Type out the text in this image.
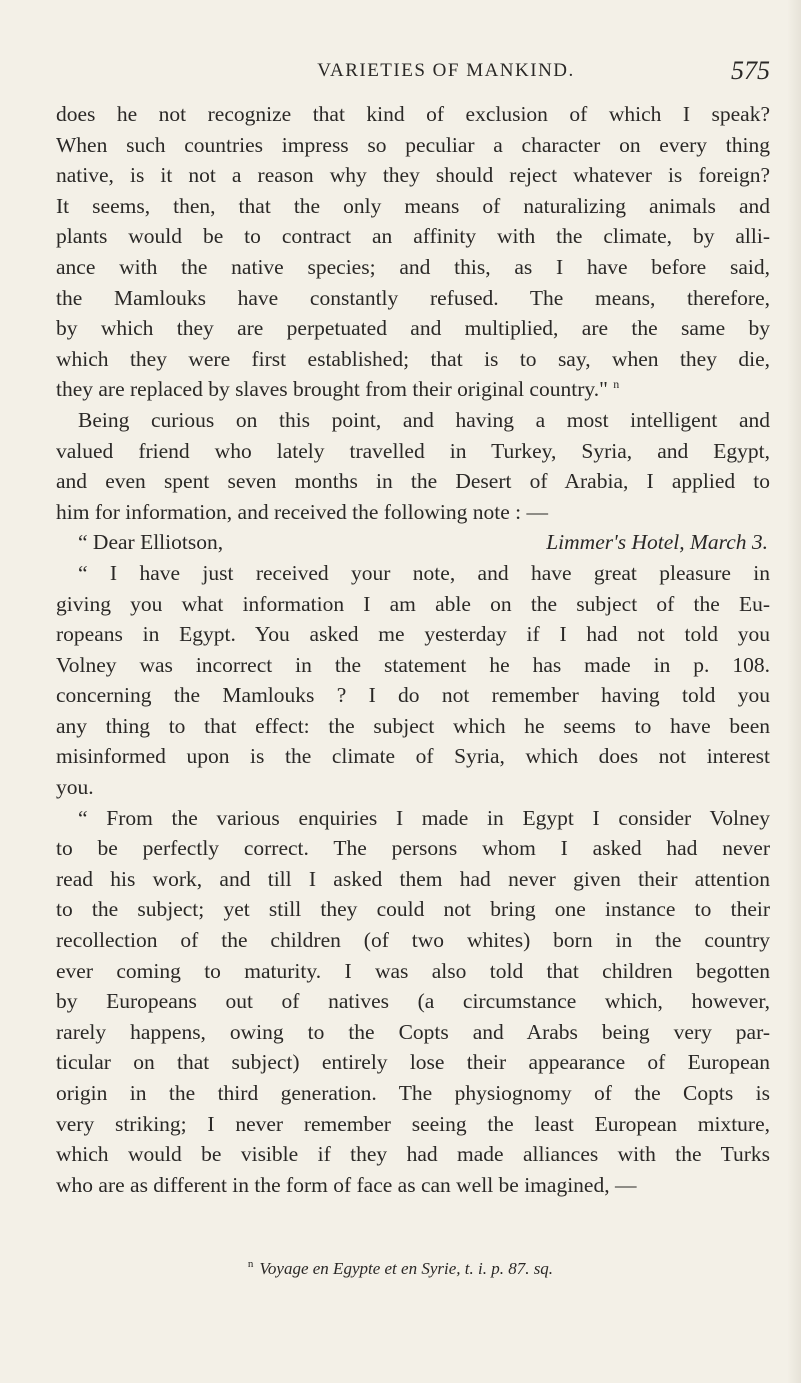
VARIETIES OF MANKIND.	575
does he not recognize that kind of exclusion of which I speak?
When such countries impress so peculiar a character on every thing
native, is it not a reason why they should reject whatever is foreign?
It seems, then, that the only means of naturalizing animals and
plants would be to contract an affinity with the climate, by alli-
ance with the native species; and this, as I have before said,
the Mamlouks have constantly refused. The means, therefore,
by which they are perpetuated and multiplied, are the same by
which they were first established; that is to say, when they die,
they are replaced by slaves brought from their original country." $^n$
Being curious on this point, and having a most intelligent and
valued friend who lately travelled in Turkey, Syria, and Egypt,
and even spent seven months in the Desert of Arabia, I applied to
him for information, and received the following note : —
“ Dear Elliotson,	Limmer's Hotel, March 3.
“ I have just received your note, and have great pleasure in
giving you what information I am able on the subject of the Eu-
ropeans in Egypt. You asked me yesterday if I had not told you
Volney was incorrect in the statement he has made in p. 108.
concerning the Mamlouks ? I do not remember having told you
any thing to that effect: the subject which he seems to have been
misinformed upon is the climate of Syria, which does not interest
you.
“ From the various enquiries I made in Egypt I consider Volney
to be perfectly correct. The persons whom I asked had never
read his work, and till I asked them had never given their attention
to the subject; yet still they could not bring one instance to their
recollection of the children (of two whites) born in the country
ever coming to maturity. I was also told that children begotten
by Europeans out of natives (a circumstance which, however,
rarely happens, owing to the Copts and Arabs being very par-
ticular on that subject) entirely lose their appearance of European
origin in the third generation. The physiognomy of the Copts is
very striking; I never remember seeing the least European mixture,
which would be visible if they had made alliances with the Turks
who are as different in the form of face as can well be imagined, —
$^n$ Voyage en Egypte et en Syrie, t. i. p. 87. sq.
